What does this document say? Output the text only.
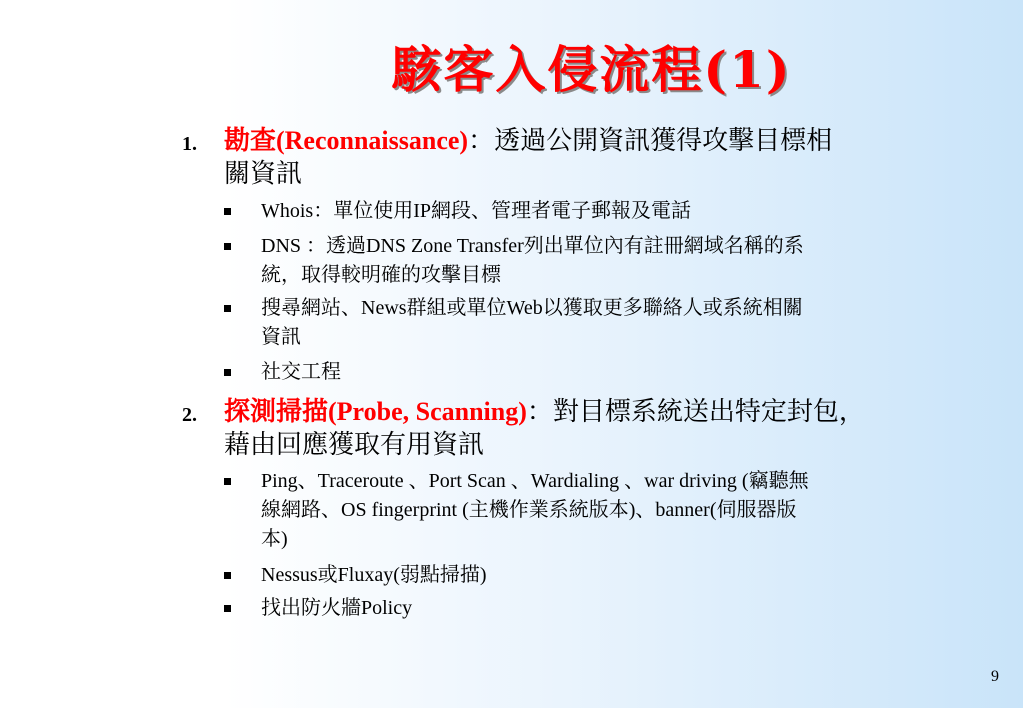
駭客入侵流程(1)
1. 勘查(Reconnaissance)：透過公開資訊獲得攻擊目標相
關資訊
Whois：單位使用IP網段、管理者電子郵報及電話
DNS ：透過DNS Zone Transfer列出單位內有註冊網域名稱的系
統，取得較明確的攻擊目標
搜尋網站、News群組或單位Web以獲取更多聯絡人或系統相關
資訊
社交工程
2. 探測掃描(Probe, Scanning)：對目標系統送出特定封包，
藉由回應獲取有用資訊
Ping、Traceroute 、Port Scan 、Wardialing 、war driving (竊聽無
線網路、OS fingerprint (主機作業系統版本)、banner(伺服器版
本)
Nessus或Fluxay(弱點掃描)
找出防火牆Policy
9
